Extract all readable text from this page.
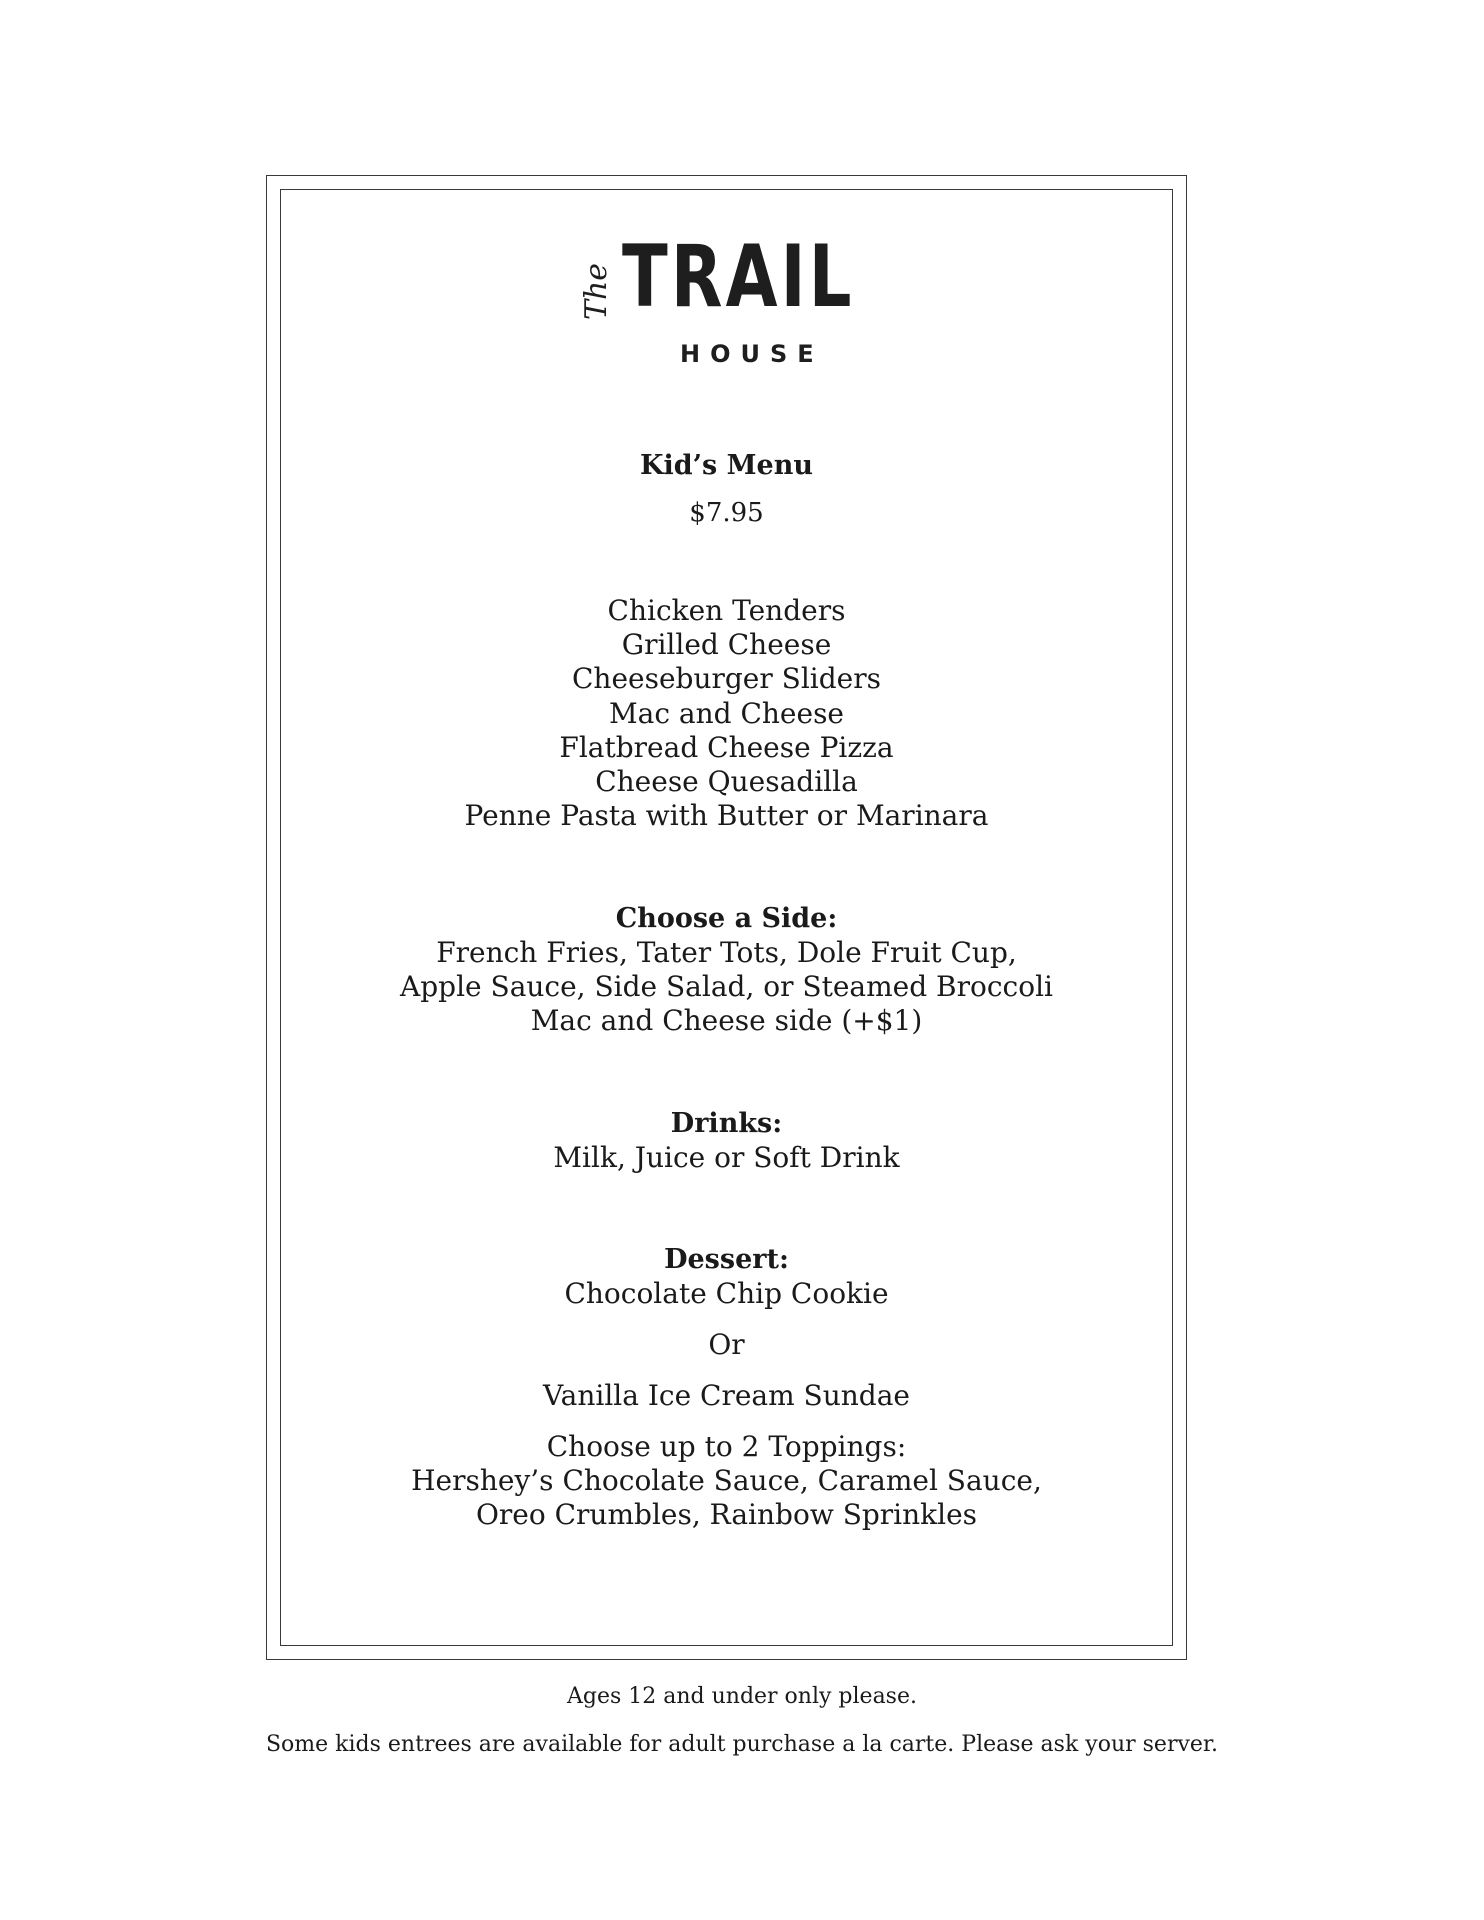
The TRAIL
HOUSE
Kid’s Menu
$7.95
Chicken Tenders
Grilled Cheese
Cheeseburger Sliders
Mac and Cheese
Flatbread Cheese Pizza
Cheese Quesadilla
Penne Pasta with Butter or Marinara
Choose a Side:
French Fries, Tater Tots, Dole Fruit Cup,
Apple Sauce, Side Salad, or Steamed Broccoli
Mac and Cheese side (+$1)
Drinks:
Milk, Juice or Soft Drink
Dessert:
Chocolate Chip Cookie
Or
Vanilla Ice Cream Sundae
Choose up to 2 Toppings:
Hershey’s Chocolate Sauce, Caramel Sauce,
Oreo Crumbles, Rainbow Sprinkles
Ages 12 and under only please.
Some kids entrees are available for adult purchase a la carte. Please ask your server.
